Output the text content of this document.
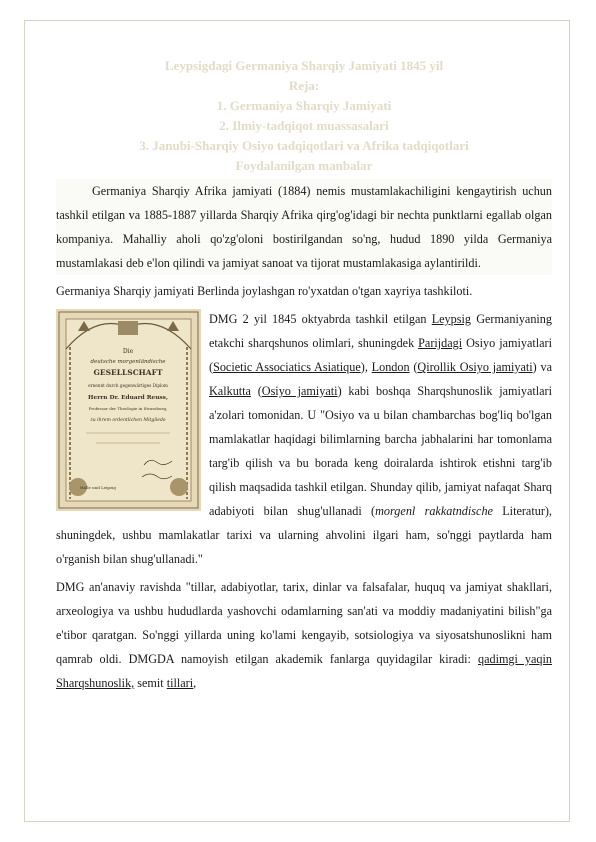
Leypsigdagi Germaniya Sharqiy Jamiyati 1845 yil
Reja:
1. Germaniya Sharqiy Jamiyati
2. Ilmiy-tadqiqot muassasalari
3. Janubi-Sharqiy Osiyo tadqiqotlari va Afrika tadqiqotlari
Foydalanilgan manbalar

Germaniya Sharqiy Afrika jamiyati (1884) nemis mustamlakachiligini kengaytirish uchun tashkil etilgan va 1885-1887 yillarda Sharqiy Afrika qirg'og'idagi bir nechta punktlarni egallab olgan kompaniya. Mahalliy aholi qo'zg'oloni bostirilgandan so'ng, hudud 1890 yilda Germaniya mustamlakasi deb e'lon qilindi va jamiyat sanoat va tijorat mustamlakasiga aylantirildi.

Germaniya Sharqiy jamiyati Berlinda joylashgan ro'yxatdan o'tgan xayriya tashkiloti.

Die
deutsche morgenländische
GESELLSCHAFT
ernennt durch gegenwärtiges Diplom
Herrn Dr. Eduard Reuss,
Professor der Theologie in Strassburg,
zu ihrem ordentlichen Mitgliede
Halle und Leipzig

DMG 2 yil 1845 oktyabrda tashkil etilgan Leypsig Germaniyaning etakchi sharqshunos olimlari, shuningdek Parijdagi Osiyo jamiyatlari (Societic Associatics Asiatique), London (Qirollik Osiyo jamiyati) va Kalkutta (Osiyo jamiyati) kabi boshqa Sharqshunoslik jamiyatlari a'zolari tomonidan. U "Osiyo va u bilan chambarchas bog'liq bo'lgan mamlakatlar haqidagi bilimlarning barcha jabhalarini har tomonlama targ'ib qilish va bu borada keng doiralarda ishtirok etishni targ'ib qilish maqsadida tashkil etilgan. Shunday qilib, jamiyat nafaqat Sharq adabiyoti bilan shug'ullanadi (morgenl rakkatndische Literatur), shuningdek, ushbu mamlakatlar tarixi va ularning ahvolini ilgari ham, so'nggi paytlarda ham o'rganish bilan shug'ullanadi."

DMG an'anaviy ravishda "tillar, adabiyotlar, tarix, dinlar va falsafalar, huquq va jamiyat shakllari, arxeologiya va ushbu hududlarda yashovchi odamlarning san'ati va moddiy madaniyatini bilish"ga e'tibor qaratgan. So'nggi yillarda uning ko'lami kengayib, sotsiologiya va siyosatshunoslikni ham qamrab oldi. DMGDA namoyish etilgan akademik fanlarga quyidagilar kiradi: qadimgi yaqin Sharqshunoslik, semit tillari,
